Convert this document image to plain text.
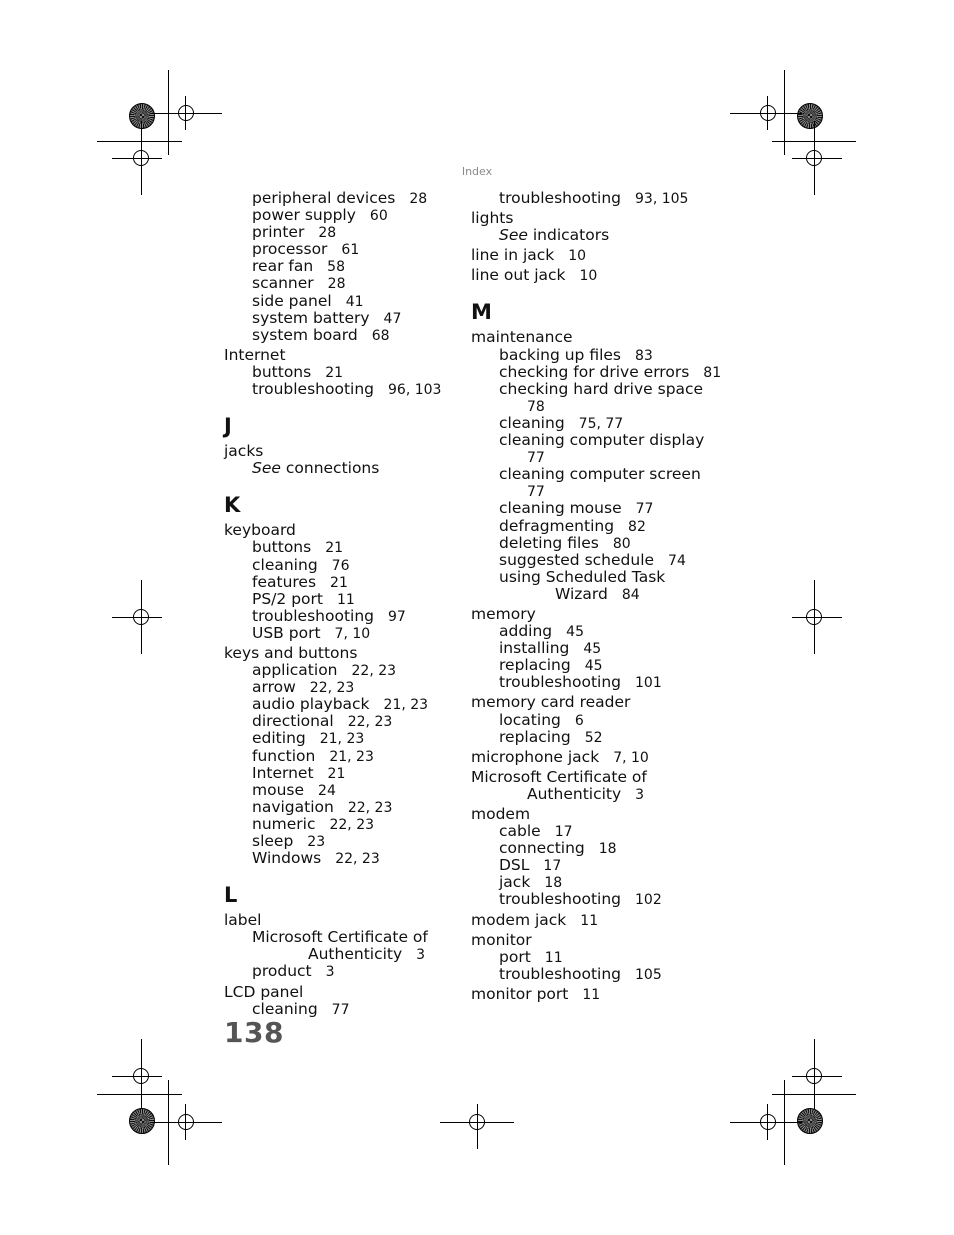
Index
peripheral devices 28
power supply 60
printer 28
processor 61
rear fan 58
scanner 28
side panel 41
system battery 47
system board 68
Internet
buttons 21
troubleshooting 96, 103
J
jacks
See connections
K
keyboard
buttons 21
cleaning 76
features 21
PS/2 port 11
troubleshooting 97
USB port 7, 10
keys and buttons
application 22, 23
arrow 22, 23
audio playback 21, 23
directional 22, 23
editing 21, 23
function 21, 23
Internet 21
mouse 24
navigation 22, 23
numeric 22, 23
sleep 23
Windows 22, 23
L
label
Microsoft Certificate of
Authenticity 3
product 3
LCD panel
cleaning 77
troubleshooting 93, 105
lights
See indicators
line in jack 10
line out jack 10
M
maintenance
backing up files 83
checking for drive errors 81
checking hard drive space
78
cleaning 75, 77
cleaning computer display
77
cleaning computer screen
77
cleaning mouse 77
defragmenting 82
deleting files 80
suggested schedule 74
using Scheduled Task
Wizard 84
memory
adding 45
installing 45
replacing 45
troubleshooting 101
memory card reader
locating 6
replacing 52
microphone jack 7, 10
Microsoft Certificate of
Authenticity 3
modem
cable 17
connecting 18
DSL 17
jack 18
troubleshooting 102
modem jack 11
monitor
port 11
troubleshooting 105
monitor port 11
138
